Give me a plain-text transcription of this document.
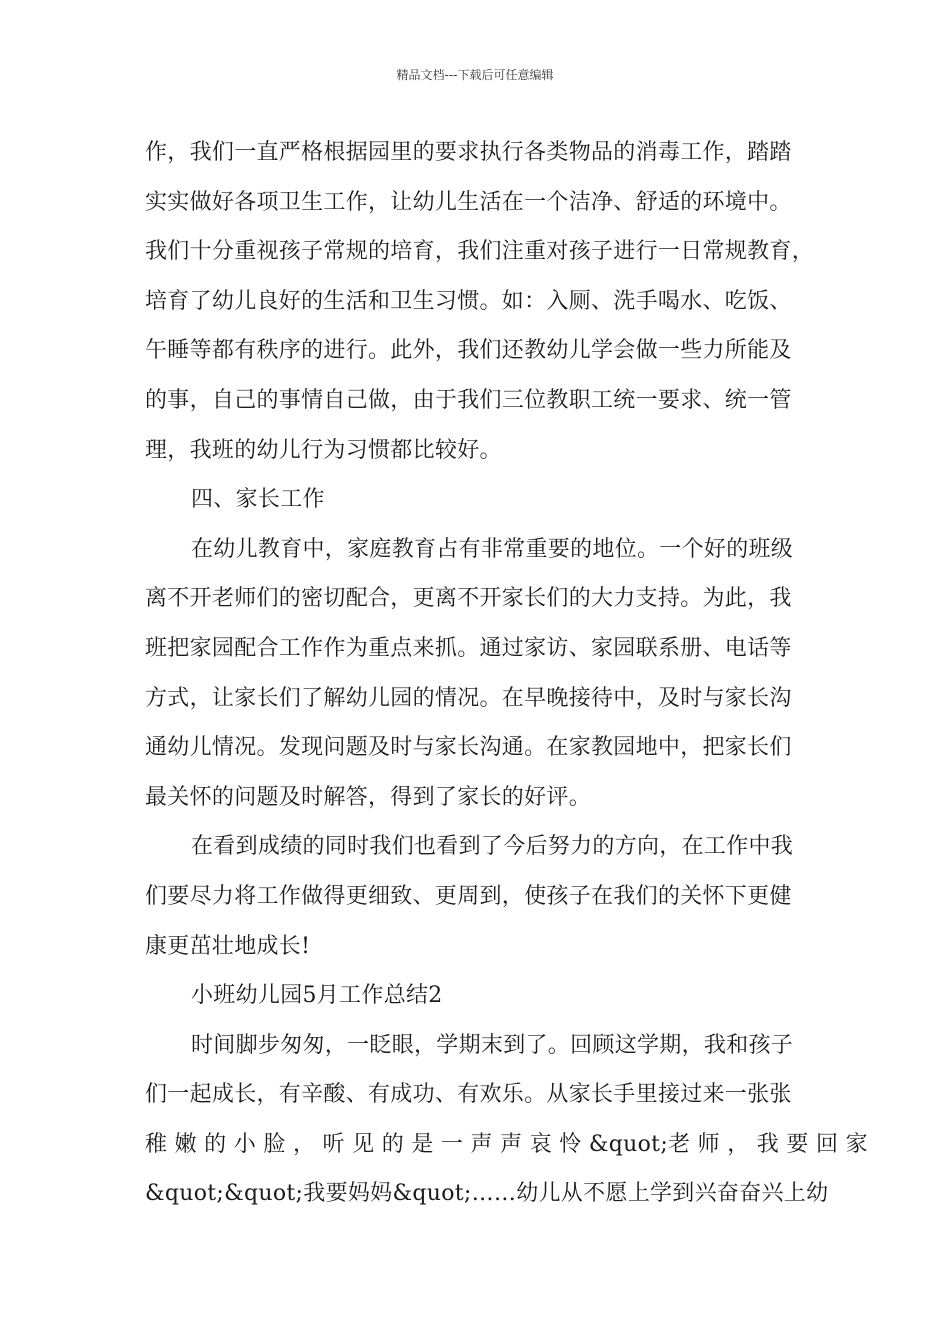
精品文档---下载后可任意编辑
作，我们一直严格根据园里的要求执行各类物品的消毒工作，踏踏
实实做好各项卫生工作，让幼儿生活在一个洁净、舒适的环境中。
我们十分重视孩子常规的培育，我们注重对孩子进行一日常规教育，
培育了幼儿良好的生活和卫生习惯。如：入厕、洗手喝水、吃饭、
午睡等都有秩序的进行。此外，我们还教幼儿学会做一些力所能及
的事，自己的事情自己做，由于我们三位教职工统一要求、统一管
理，我班的幼儿行为习惯都比较好。
四、家长工作
在幼儿教育中，家庭教育占有非常重要的地位。一个好的班级
离不开老师们的密切配合，更离不开家长们的大力支持。为此，我
班把家园配合工作作为重点来抓。通过家访、家园联系册、电话等
方式，让家长们了解幼儿园的情况。在早晚接待中，及时与家长沟
通幼儿情况。发现问题及时与家长沟通。在家教园地中，把家长们
最关怀的问题及时解答，得到了家长的好评。
在看到成绩的同时我们也看到了今后努力的方向，在工作中我
们要尽力将工作做得更细致、更周到，使孩子在我们的关怀下更健
康更茁壮地成长!
小班幼儿园5月工作总结2
时间脚步匆匆，一眨眼，学期末到了。回顾这学期，我和孩子
们一起成长，有辛酸、有成功、有欢乐。从家长手里接过来一张张
稚 嫩 的 小 脸 ， 听 见 的 是 一 声 声 哀 怜 &quot;老 师 ， 我 要 回 家
&quot;&quot;我要妈妈&quot;……幼儿从不愿上学到兴奋奋兴上幼
